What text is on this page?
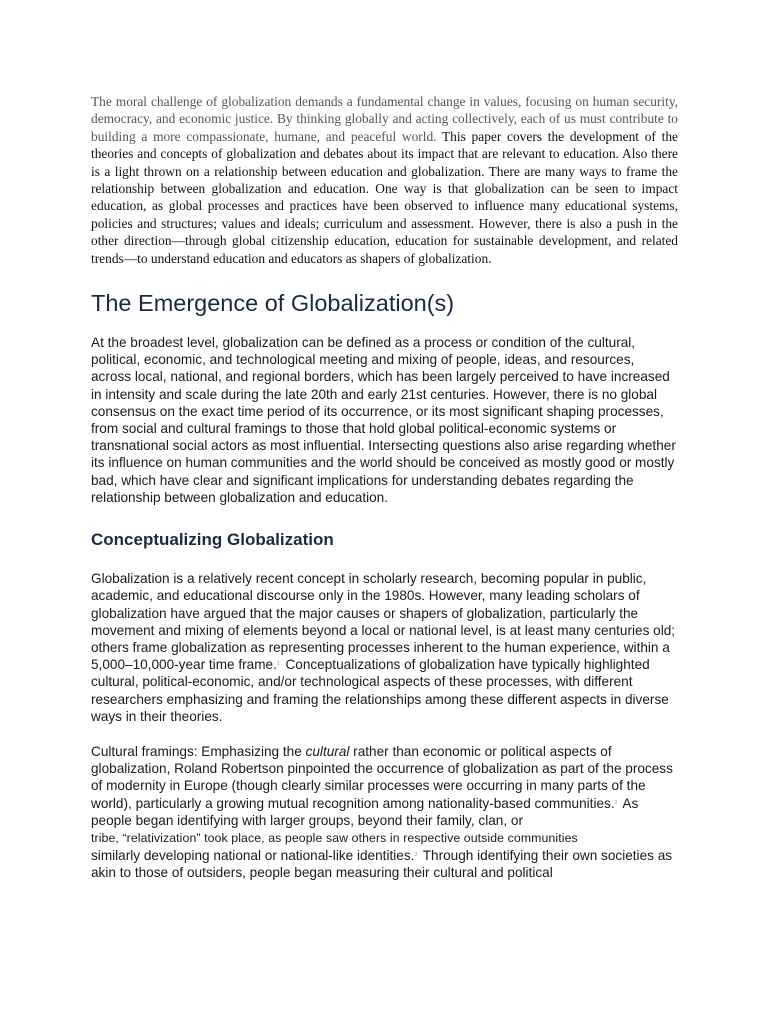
The moral challenge of globalization demands a fundamental change in values, focusing on human security, democracy, and economic justice. By thinking globally and acting collectively, each of us must contribute to building a more compassionate, humane, and peaceful world. This paper covers the development of the theories and concepts of globalization and debates about its impact that are relevant to education. Also there is a light thrown on a relationship between education and globalization. There are many ways to frame the relationship between globalization and education. One way is that globalization can be seen to impact education, as global processes and practices have been observed to influence many educational systems, policies and structures; values and ideals; curriculum and assessment. However, there is also a push in the other direction—through global citizenship education, education for sustainable development, and related trends—to understand education and educators as shapers of globalization.

The Emergence of Globalization(s)

At the broadest level, globalization can be defined as a process or condition of the cultural, political, economic, and technological meeting and mixing of people, ideas, and resources, across local, national, and regional borders, which has been largely perceived to have increased in intensity and scale during the late 20th and early 21st centuries. However, there is no global consensus on the exact time period of its occurrence, or its most significant shaping processes, from social and cultural framings to those that hold global political-economic systems or transnational social actors as most influential. Intersecting questions also arise regarding whether its influence on human communities and the world should be conceived as mostly good or mostly bad, which have clear and significant implications for understanding debates regarding the relationship between globalization and education.

Conceptualizing Globalization

Globalization is a relatively recent concept in scholarly research, becoming popular in public, academic, and educational discourse only in the 1980s. However, many leading scholars of globalization have argued that the major causes or shapers of globalization, particularly the movement and mixing of elements beyond a local or national level, is at least many centuries old; others frame globalization as representing processes inherent to the human experience, within a 5,000–10,000-year time frame.$^1$ Conceptualizations of globalization have typically highlighted cultural, political-economic, and/or technological aspects of these processes, with different researchers emphasizing and framing the relationships among these different aspects in diverse ways in their theories.

Cultural framings: Emphasizing the cultural rather than economic or political aspects of globalization, Roland Robertson pinpointed the occurrence of globalization as part of the process of modernity in Europe (though clearly similar processes were occurring in many parts of the world), particularly a growing mutual recognition among nationality-based communities.$^2$ As people began identifying with larger groups, beyond their family, clan, or
tribe, “relativization” took place, as people saw others in respective outside communities
similarly developing national or national-like identities.$^3$ Through identifying their own societies as akin to those of outsiders, people began measuring their cultural and political
